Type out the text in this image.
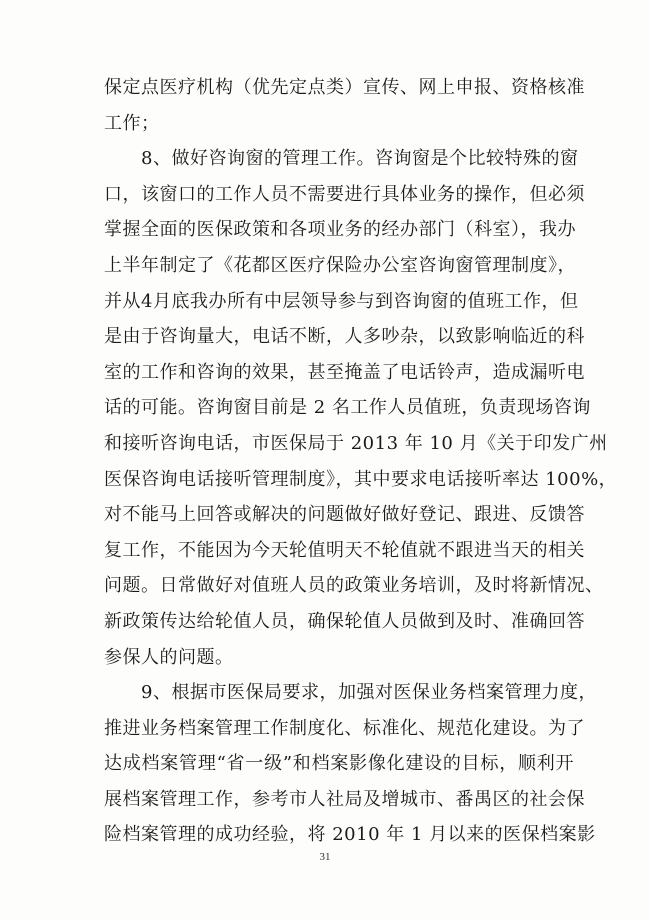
保定点医疗机构（优先定点类）宣传、网上申报、资格核准
工作；
8、做好咨询窗的管理工作。咨询窗是个比较特殊的窗
口，该窗口的工作人员不需要进行具体业务的操作，但必须
掌握全面的医保政策和各项业务的经办部门（科室），我办
上半年制定了《花都区医疗保险办公室咨询窗管理制度》，
并从4月底我办所有中层领导参与到咨询窗的值班工作，但
是由于咨询量大，电话不断，人多吵杂，以致影响临近的科
室的工作和咨询的效果，甚至掩盖了电话铃声，造成漏听电
话的可能。咨询窗目前是 2 名工作人员值班，负责现场咨询
和接听咨询电话，市医保局于 2013 年 10 月《关于印发广州
医保咨询电话接听管理制度》，其中要求电话接听率达 100%，
对不能马上回答或解决的问题做好做好登记、跟进、反馈答
复工作，不能因为今天轮值明天不轮值就不跟进当天的相关
问题。日常做好对值班人员的政策业务培训，及时将新情况、
新政策传达给轮值人员，确保轮值人员做到及时、准确回答
参保人的问题。
9、根据市医保局要求，加强对医保业务档案管理力度，
推进业务档案管理工作制度化、标准化、规范化建设。为了
达成档案管理“省一级”和档案影像化建设的目标，顺利开
展档案管理工作，参考市人社局及增城市、番禺区的社会保
险档案管理的成功经验，将 2010 年 1 月以来的医保档案影
31
